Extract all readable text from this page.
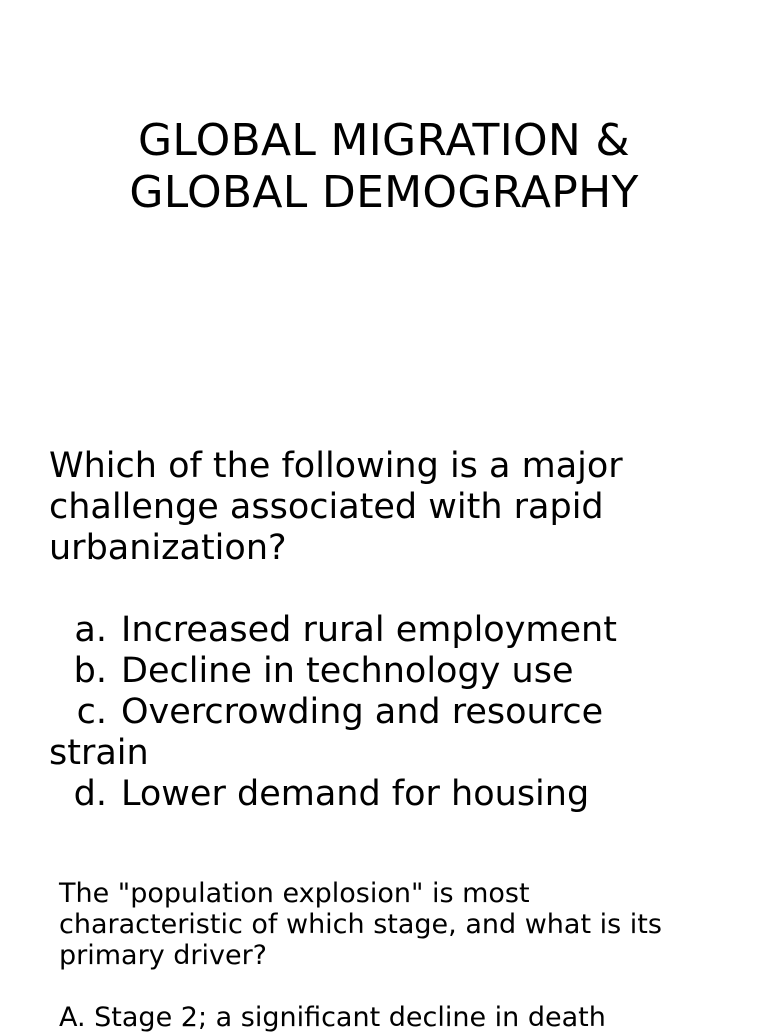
GLOBAL MIGRATION &
GLOBAL DEMOGRAPHY
Which of the following is a major challenge associated with rapid urbanization?
a. Increased rural employment
b. Decline in technology use
c. Overcrowding and resource
strain
d. Lower demand for housing
The "population explosion" is most characteristic of which stage, and what is its primary driver?
A. Stage 2; a significant decline in death
